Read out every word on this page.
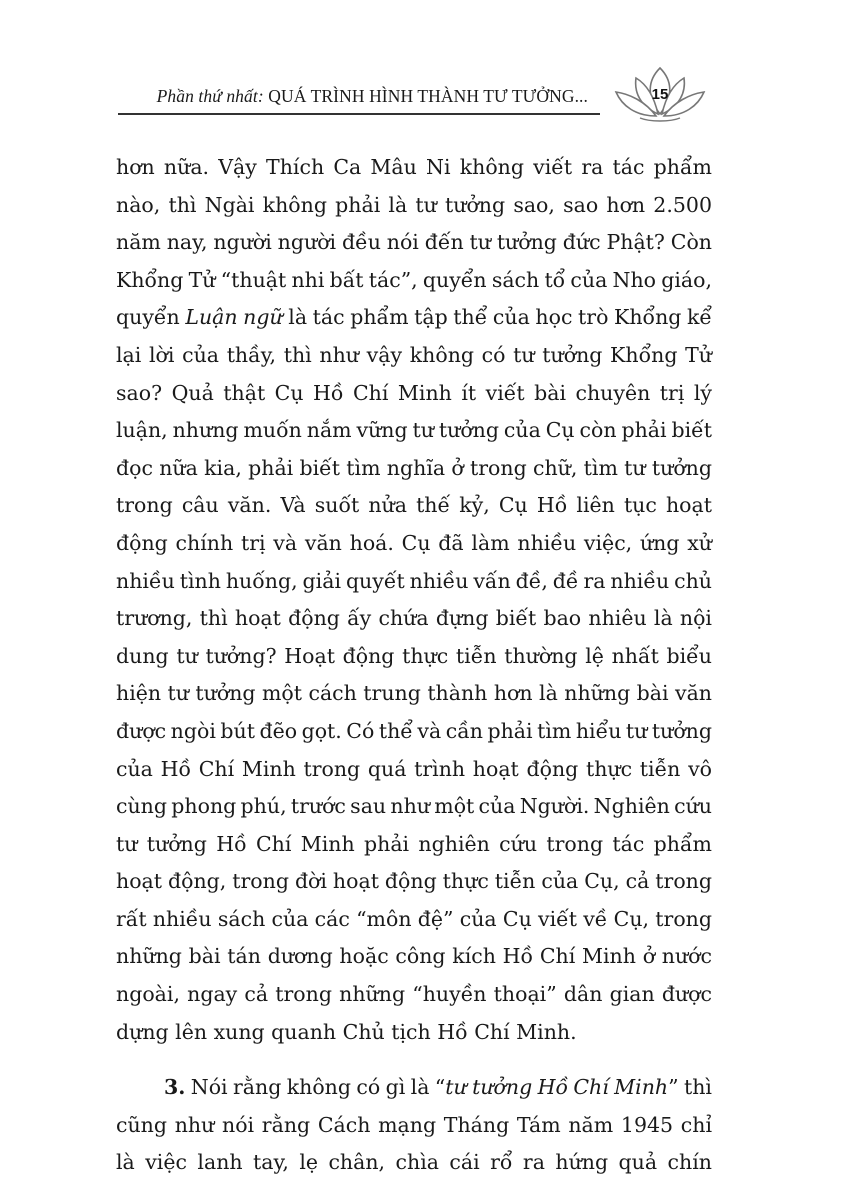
Phần thứ nhất: QUÁ TRÌNH HÌNH THÀNH TƯ TƯỞNG...	15

hơn nữa. Vậy Thích Ca Mâu Ni không viết ra tác phẩm
nào, thì Ngài không phải là tư tưởng sao, sao hơn 2.500
năm nay, người người đều nói đến tư tưởng đức Phật? Còn
Khổng Tử “thuật nhi bất tác”, quyển sách tổ của Nho giáo,
quyển Luận ngữ là tác phẩm tập thể của học trò Khổng kể
lại lời của thầy, thì như vậy không có tư tưởng Khổng Tử
sao? Quả thật Cụ Hồ Chí Minh ít viết bài chuyên trị lý
luận, nhưng muốn nắm vững tư tưởng của Cụ còn phải biết
đọc nữa kia, phải biết tìm nghĩa ở trong chữ, tìm tư tưởng
trong câu văn. Và suốt nửa thế kỷ, Cụ Hồ liên tục hoạt
động chính trị và văn hoá. Cụ đã làm nhiều việc, ứng xử
nhiều tình huống, giải quyết nhiều vấn đề, đề ra nhiều chủ
trương, thì hoạt động ấy chứa đựng biết bao nhiêu là nội
dung tư tưởng? Hoạt động thực tiễn thường lệ nhất biểu
hiện tư tưởng một cách trung thành hơn là những bài văn
được ngòi bút đẽo gọt. Có thể và cần phải tìm hiểu tư tưởng
của Hồ Chí Minh trong quá trình hoạt động thực tiễn vô
cùng phong phú, trước sau như một của Người. Nghiên cứu
tư tưởng Hồ Chí Minh phải nghiên cứu trong tác phẩm
hoạt động, trong đời hoạt động thực tiễn của Cụ, cả trong
rất nhiều sách của các “môn đệ” của Cụ viết về Cụ, trong
những bài tán dương hoặc công kích Hồ Chí Minh ở nước
ngoài, ngay cả trong những “huyền thoại” dân gian được
dựng lên xung quanh Chủ tịch Hồ Chí Minh.

3. Nói rằng không có gì là “tư tưởng Hồ Chí Minh” thì
cũng như nói rằng Cách mạng Tháng Tám năm 1945 chỉ
là việc lanh tay, lẹ chân, chìa cái rổ ra hứng quả chín
